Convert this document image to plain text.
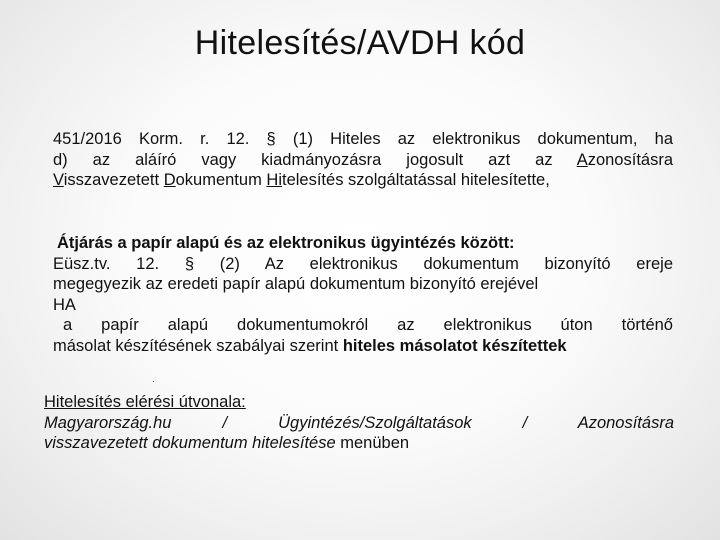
Hitelesítés/AVDH kód
451/2016 Korm. r. 12. § (1) Hiteles az elektronikus dokumentum, ha
d) az aláíró vagy kiadmányozásra jogosult azt az Azonosításra
Visszavezetett Dokumentum Hitelesítés szolgáltatással hitelesítette,
Átjárás a papír alapú és az elektronikus ügyintézés között:
Eüsz.tv. 12. § (2) Az elektronikus dokumentum bizonyító ereje
megegyezik az eredeti papír alapú dokumentum bizonyító erejével
HA
a papír alapú dokumentumokról az elektronikus úton történő
másolat készítésének szabályai szerint hiteles másolatot készítettek
.
Hitelesítés elérési útvonala:
Magyarország.hu / Ügyintézés/Szolgáltatások / Azonosításra
visszavezetett dokumentum hitelesítése menüben
